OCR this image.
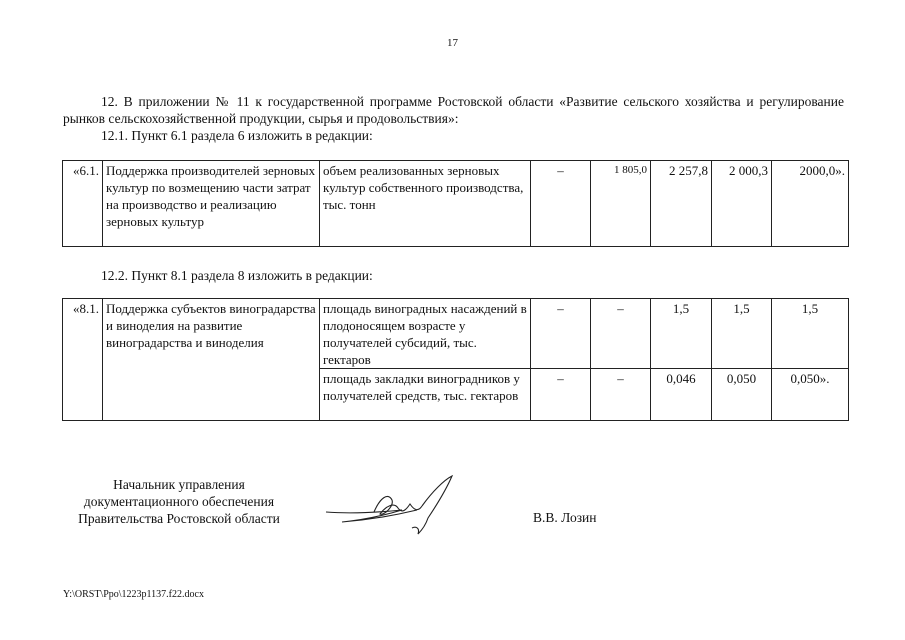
17

12. В приложении № 11 к государственной программе Ростовской области «Развитие сельского хозяйства и регулирование рынков сельскохозяйственной продукции, сырья и продовольствия»:

12.1. Пункт 6.1 раздела 6 изложить в редакции:

«6.1.	Поддержка производителей зерновых культур по возмещению части затрат на производство и реализацию зерновых культур	объем реализованных зерновых культур собственного производства, тыс. тонн	–	1 805,0	2 257,8	2 000,3	2000,0».

12.2. Пункт 8.1 раздела 8 изложить в редакции:

«8.1.	Поддержка субъектов виноградарства и виноделия на развитие виноградарства и виноделия	площадь виноградных насаждений в плодоносящем возрасте у получателей субсидий, тыс. гектаров	–	–	1,5	1,5	1,5
		площадь закладки виноградников у получателей средств, тыс. гектаров	–	–	0,046	0,050	0,050».
Начальник управления
документационного обеспечения
Правительства Ростовской области	В.В. Лозин
Y:\ORST\Ppo\1223p1137.f22.docx
